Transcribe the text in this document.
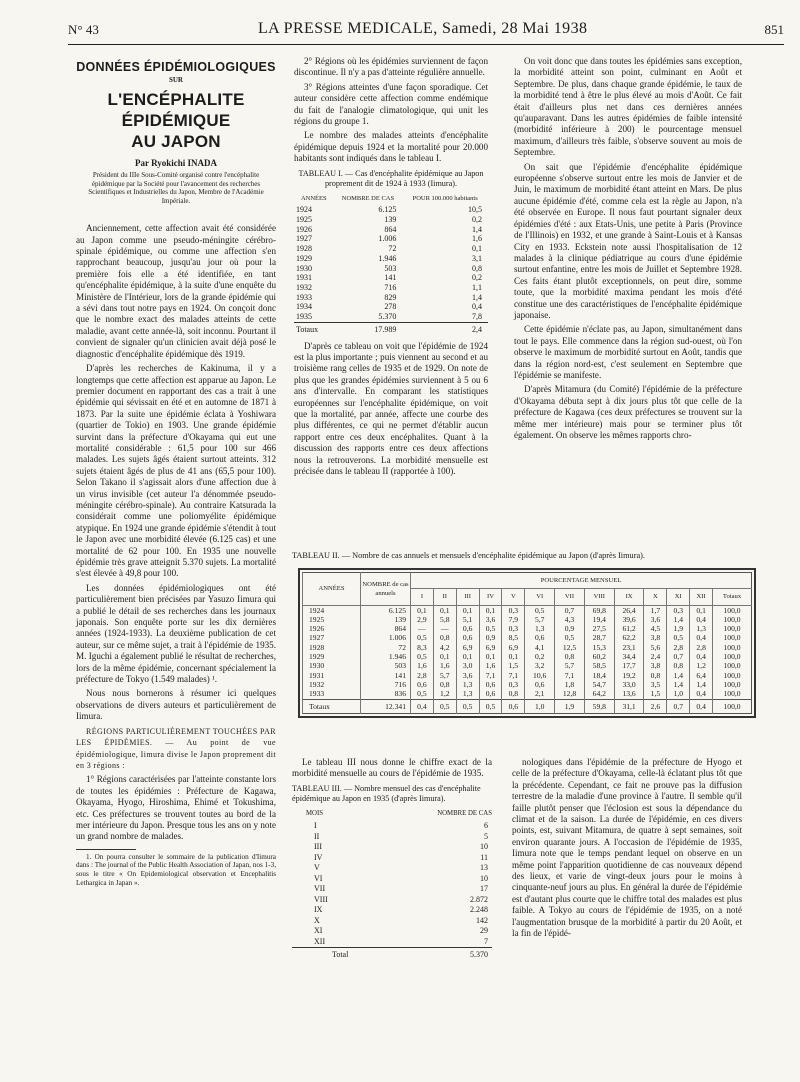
N° 43	LA PRESSE MEDICALE, Samedi, 28 Mai 1938	851
DONNÉES ÉPIDÉMIOLOGIQUES
SUR
L'ENCÉPHALITE ÉPIDÉMIQUE
AU JAPON
Par Ryokichi INADA
Président du IIIe Sous-Comité organisé contre l'encéphalite épidémique par la Société pour l'avancement des recherches Scientifiques et Industrielles du Japon, Membre de l'Académie Impériale.

Anciennement, cette affection avait été considérée au Japon comme une pseudo-méningite cérébro-spinale épidémique, ou comme une affection s'en rapprochant beaucoup, jusqu'au jour où pour la première fois elle a été identifiée, en tant qu'encéphalite épidémique, à la suite d'une enquête du Ministère de l'Intérieur, lors de la grande épidémie qui a sévi dans tout notre pays en 1924. On conçoit donc que le nombre exact des malades atteints de cette maladie, avant cette année-là, soit inconnu. Pourtant il convient de signaler qu'un clinicien avait déjà posé le diagnostic d'encéphalite épidémique dès 1919.

D'après les recherches de Kakinuma, il y a longtemps que cette affection est apparue au Japon. Le premier document en rapportant des cas a trait à une épidémie qui sévissait en été et en automne de 1871 à 1873. Par la suite une épidémie éclata à Yoshiwara (quartier de Tokio) en 1903. Une grande épidémie survint dans la préfecture d'Okayama qui eut une mortalité considérable : 61,5 pour 100 sur 466 malades. Les sujets âgés étaient surtout atteints. 312 sujets étaient âgés de plus de 41 ans (65,5 pour 100). Selon Takano il s'agissait alors d'une affection due à un virus invisible (cet auteur l'a dénommée pseudo-méningite cérébro-spinale). Au contraire Katsurada la considérait comme une poliomyélite épidémique atypique. En 1924 une grande épidémie s'étendit à tout le Japon avec une morbidité élevée (6.125 cas) et une mortalité de 62 pour 100. En 1935 une nouvelle épidémie très grave atteignit 5.370 sujets. La mortalité s'est élevée à 49,8 pour 100.

Les données épidémiologiques ont été particulièrement bien précisées par Yasuzo Iimura qui a publié le détail de ses recherches dans les journaux japonais. Son enquête porte sur les dix dernières années (1924-1933). La deuxième publication de cet auteur, sur ce même sujet, a trait à l'épidémie de 1935. M. Iguchi a également publié le résultat de recherches, lors de la même épidémie, concernant spécialement la préfecture de Tokyo (1.549 malades) ¹.

Nous nous bornerons à résumer ici quelques observations de divers auteurs et particulièrement de Iimura.

RÉGIONS PARTICULIÈREMENT TOUCHÉES PAR LES ÉPIDÉMIES. — Au point de vue épidémiologique, Iimura divise le Japon proprement dit en 3 régions :

1° Régions caractérisées par l'atteinte constante lors de toutes les épidémies : Préfecture de Kagawa, Okayama, Hyogo, Hiroshima, Ehimé et Tokushima, etc. Ces préfectures se trouvent toutes au bord de la mer intérieure du Japon. Presque tous les ans on y note un grand nombre de malades.

1. On pourra consulter le sommaire de la publication d'Iimura dans : The journal of the Public Health Association of Japan, nos 1-3, sous le titre « On Epidemiological observation et Encephalitis Lethargica in Japan ».

2° Régions où les épidémies surviennent de façon discontinue. Il n'y a pas d'atteinte régulière annuelle.

3° Régions atteintes d'une façon sporadique. Cet auteur considère cette affection comme endémique du fait de l'analogie climatologique, qui unit les régions du groupe 1.

Le nombre des malades atteints d'encéphalite épidémique depuis 1924 et la mortalité pour 20.000 habitants sont indiqués dans le tableau I.

TABLEAU I. — Cas d'encéphalite épidémique au Japon proprement dit de 1924 à 1933 (Iimura).
ANNÉES	NOMBRE DE CAS	POUR 100.000 habitants
1924	6.125	10,5
1925	139	0,2
1926	864	1,4
1927	1.006	1,6
1928	72	0,1
1929	1.946	3,1
1930	503	0,8
1931	141	0,2
1932	716	1,1
1933	829	1,4
1934	278	0,4
1935	5.370	7,8
Totaux	17.989	2,4

D'après ce tableau on voit que l'épidémie de 1924 est la plus importante ; puis viennent au second et au troisième rang celles de 1935 et de 1929. On note de plus que les grandes épidémies surviennent à 5 ou 6 ans d'intervalle. En comparant les statistiques européennes sur l'encéphalite épidémique, on voit que la mortalité, par année, affecte une courbe des plus différentes, ce qui ne permet d'établir aucun rapport entre ces deux encéphalites. Quant à la discussion des rapports entre ces deux affections nous la retrouverons. La morbidité mensuelle est précisée dans le tableau II (rapportée à 100).

On voit donc que dans toutes les épidémies sans exception, la morbidité atteint son point, culminant en Août et Septembre. De plus, dans chaque grande épidémie, le taux de la morbidité tend à être le plus élevé au mois d'Août. Ce fait était d'ailleurs plus net dans ces dernières années qu'auparavant. Dans les autres épidémies de faible intensité (morbidité inférieure à 200) le pourcentage mensuel maximum, d'ailleurs très faible, s'observe souvent au mois de Septembre.

On sait que l'épidémie d'encéphalite épidémique européenne s'observe surtout entre les mois de Janvier et de Juin, le maximum de morbidité étant atteint en Mars. De plus aucune épidémie d'été, comme cela est la règle au Japon, n'a été observée en Europe. Il nous faut pourtant signaler deux épidémies d'été : aux Etats-Unis, une petite à Paris (Province de l'Illinois) en 1932, et une grande à Saint-Louis et à Kansas City en 1933. Eckstein note aussi l'hospitalisation de 12 malades à la clinique pédiatrique au cours d'une épidémie surtout enfantine, entre les mois de Juillet et Septembre 1928. Ces faits étant plutôt exceptionnels, on peut dire, somme toute, que la morbidité maxima pendant les mois d'été constitue une des caractéristiques de l'encéphalite épidémique japonaise.

Cette épidémie n'éclate pas, au Japon, simultanément dans tout le pays. Elle commence dans la région sud-ouest, où l'on observe le maximum de morbidité surtout en Août, tandis que dans la région nord-est, c'est seulement en Septembre que l'épidémie se manifeste.

D'après Mitamura (du Comité) l'épidémie de la préfecture d'Okayama débuta sept à dix jours plus tôt que celle de la préfecture de Kagawa (ces deux préfectures se trouvent sur la même mer intérieure) mais pour se terminer plus tôt également. On observe les mêmes rapports chro-

TABLEAU II. — Nombre de cas annuels et mensuels d'encéphalite épidémique au Japon (d'après Iimura).
ANNÉES	NOMBRE de cas annuels	POURCENTAGE MENSUEL												
		I	II	III	IV	V	VI	VII	VIII	IX	X	XI	XII	Totaux
1924	6.125	0,1	0,1	0,1	0,1	0,3	0,5	0,7	69,8	26,4	1,7	0,3	0,1	100,0
1925	139	2,9	5,8	5,1	3,6	7,9	5,7	4,3	19,4	39,6	3,6	1,4	0,4	100,0
1926	864	—	—	0,6	0,5	0,3	1,3	0,9	27,5	61,2	4,5	1,9	1,3	100,0
1927	1.006	0,5	0,8	0,6	0,9	8,5	0,6	0,5	28,7	62,2	3,8	0,5	0,4	100,0
1928	72	8,3	4,2	6,9	6,9	6,9	4,1	12,5	15,3	23,1	5,6	2,8	2,8	100,0
1929	1.946	0,5	0,1	0,1	0,1	0,1	0,2	0,8	60,2	34,4	2,4	0,7	0,4	100,0
1930	503	1,6	1,6	3,0	1,6	1,5	3,2	5,7	58,5	17,7	3,8	0,8	1,2	100,0
1931	141	2,8	5,7	3,6	7,1	7,1	10,6	7,1	18,4	19,2	0,8	1,4	6,4	100,0
1932	716	0,6	0,8	1,3	0,6	0,3	0,6	1,8	54,7	33,0	3,5	1,4	1,4	100,0
1933	836	0,5	1,2	1,3	0,6	0,8	2,1	12,8	64,2	13,6	1,5	1,0	0,4	100,0
Totaux	12.341	0,4	0,5	0,5	0,5	0,6	1,0	1,9	59,8	31,1	2,6	0,7	0,4	100,0

Le tableau III nous donne le chiffre exact de la morbidité mensuelle au cours de l'épidémie de 1935.

TABLEAU III. — Nombre mensuel des cas d'encéphalite épidémique au Japon en 1935 (d'après Iimura).
MOIS	NOMBRE DE CAS
I	6
II	5
III	10
IV	11
V	13
VI	10
VII	17
VIII	2.872
IX	2.248
X	142
XI	29
XII	7
Total	5.370

nologiques dans l'épidémie de la préfecture de Hyogo et celle de la préfecture d'Okayama, celle-là éclatant plus tôt que la précédente. Cependant, ce fait ne prouve pas la diffusion terrestre de la maladie d'une province à l'autre. Il semble qu'il faille plutôt penser que l'éclosion est sous la dépendance du climat et de la saison. La durée de l'épidémie, en ces divers points, est, suivant Mitamura, de quatre à sept semaines, soit environ quarante jours. A l'occasion de l'épidémie de 1935, Iimura note que le temps pendant lequel on observe en un même point l'apparition quotidienne de cas nouveaux dépend des lieux, et varie de vingt-deux jours pour le moins à cinquante-neuf jours au plus. En général la durée de l'épidémie est d'autant plus courte que le chiffre total des malades est plus faible. A Tokyo au cours de l'épidémie de 1935, on a noté l'augmentation brusque de la morbidité à partir du 20 Août, et la fin de l'épidé-
